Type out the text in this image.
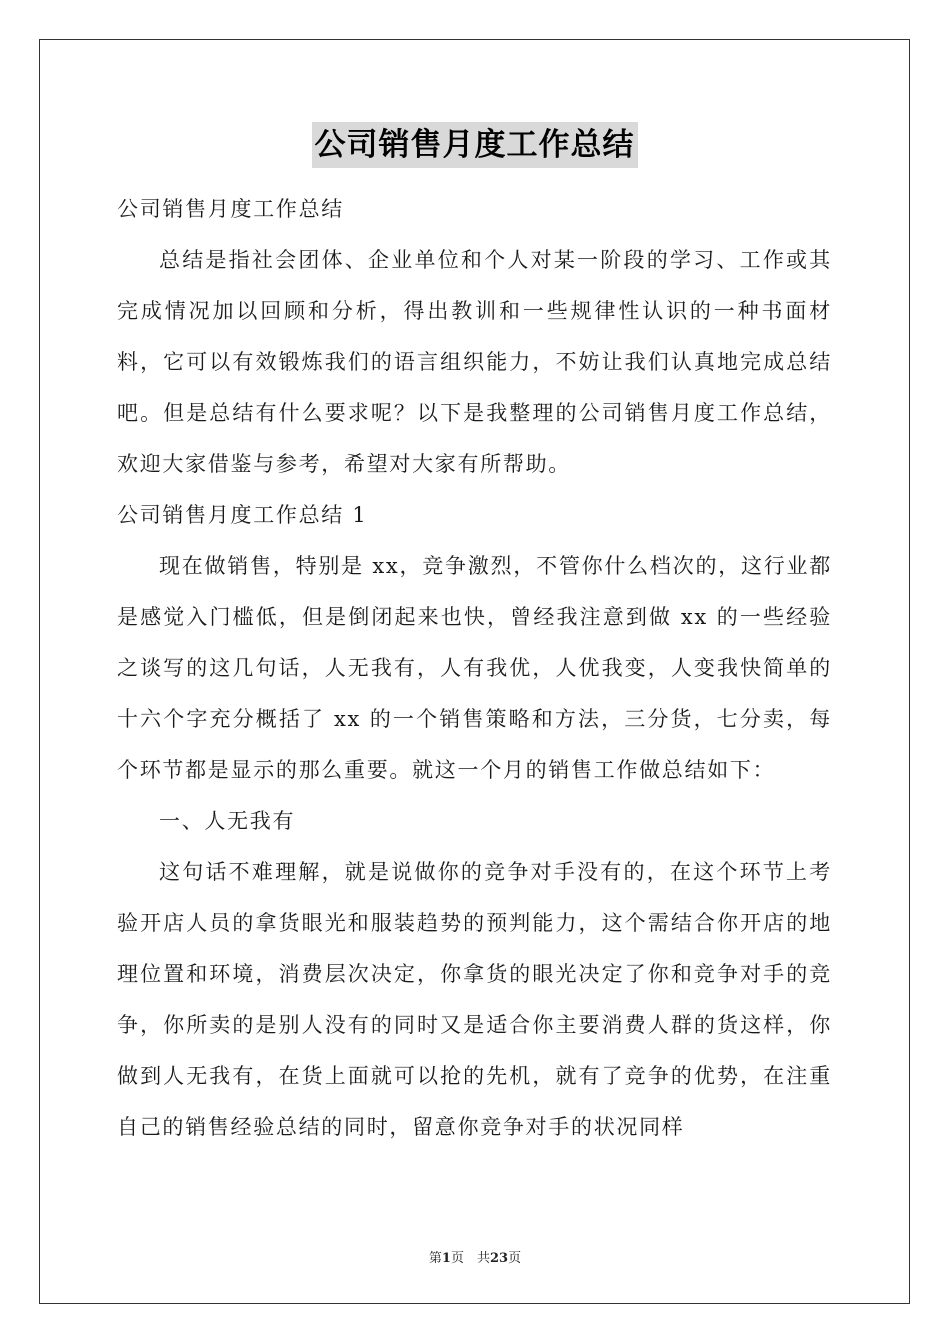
公司销售月度工作总结

公司销售月度工作总结

总结是指社会团体、企业单位和个人对某一阶段的学习、工作或其完成情况加以回顾和分析，得出教训和一些规律性认识的一种书面材料，它可以有效锻炼我们的语言组织能力，不妨让我们认真地完成总结吧。但是总结有什么要求呢？以下是我整理的公司销售月度工作总结，欢迎大家借鉴与参考，希望对大家有所帮助。

公司销售月度工作总结 1

现在做销售，特别是 xx，竞争激烈，不管你什么档次的，这行业都是感觉入门槛低，但是倒闭起来也快，曾经我注意到做 xx 的一些经验之谈写的这几句话，人无我有，人有我优，人优我变，人变我快简单的十六个字充分概括了 xx 的一个销售策略和方法，三分货，七分卖，每个环节都是显示的那么重要。就这一个月的销售工作做总结如下：

一、人无我有

这句话不难理解，就是说做你的竞争对手没有的，在这个环节上考验开店人员的拿货眼光和服装趋势的预判能力，这个需结合你开店的地理位置和环境，消费层次决定，你拿货的眼光决定了你和竞争对手的竞争，你所卖的是别人没有的同时又是适合你主要消费人群的货这样，你做到人无我有，在货上面就可以抢的先机，就有了竞争的优势，在注重自己的销售经验总结的同时，留意你竞争对手的状况同样

第1页　共23页
